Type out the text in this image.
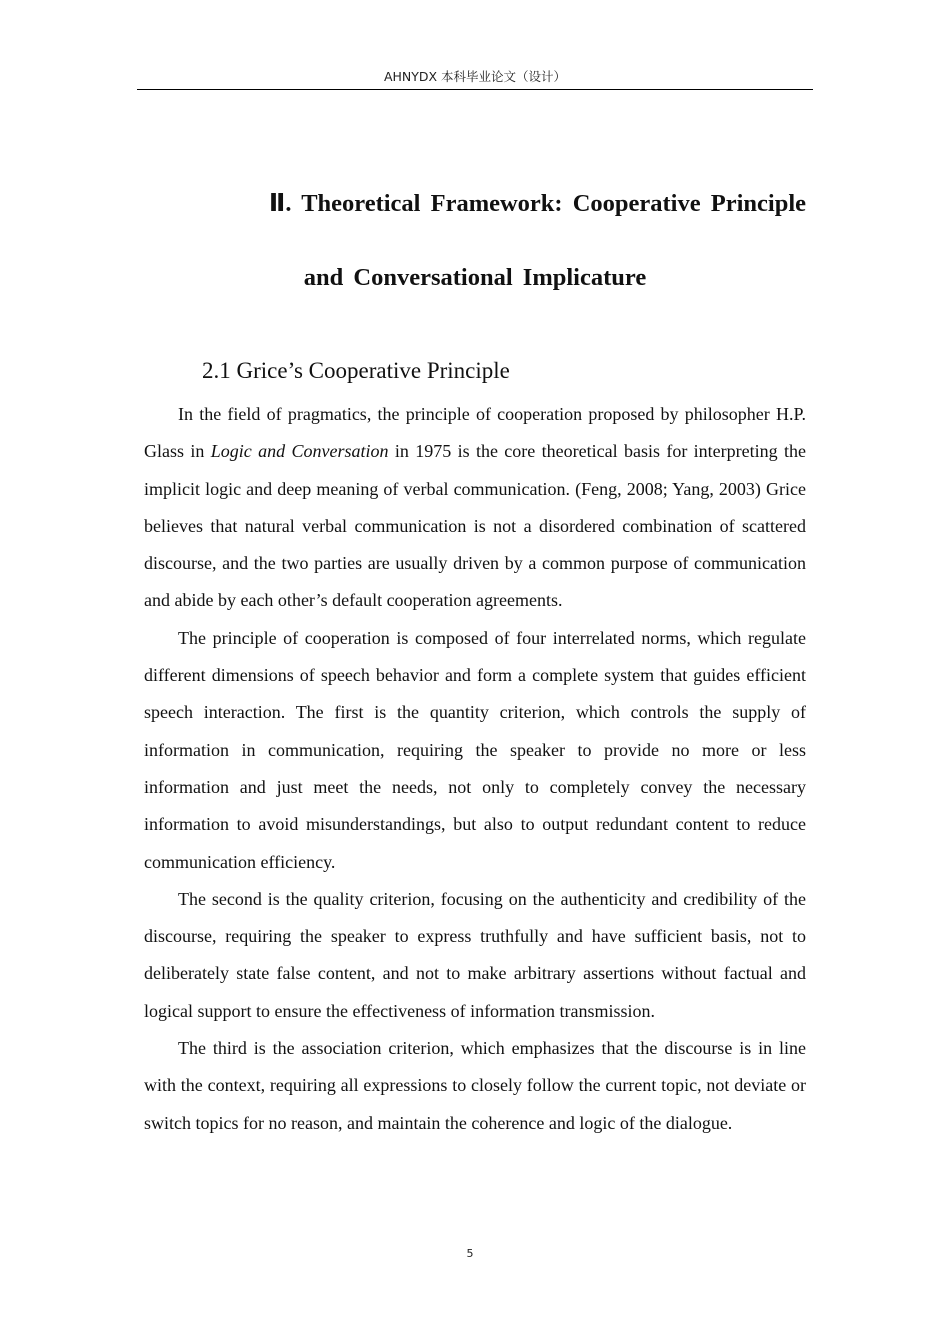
AHNYDX 本科毕业论文（设计）
Ⅱ. Theoretical Framework: Cooperative Principle
and Conversational Implicature
2.1 Grice’s Cooperative Principle

In the field of pragmatics, the principle of cooperation proposed by philosopher H.P. Glass in Logic and Conversation in 1975 is the core theoretical basis for interpreting the implicit logic and deep meaning of verbal communication. (Feng, 2008; Yang, 2003) Grice believes that natural verbal communication is not a disordered combination of scattered discourse, and the two parties are usually driven by a common purpose of communication and abide by each other’s default cooperation agreements.

The principle of cooperation is composed of four interrelated norms, which regulate different dimensions of speech behavior and form a complete system that guides efficient speech interaction. The first is the quantity criterion, which controls the supply of information in communication, requiring the speaker to provide no more or less information and just meet the needs, not only to completely convey the necessary information to avoid misunderstandings, but also to output redundant content to reduce communication efficiency.

The second is the quality criterion, focusing on the authenticity and credibility of the discourse, requiring the speaker to express truthfully and have sufficient basis, not to deliberately state false content, and not to make arbitrary assertions without factual and logical support to ensure the effectiveness of information transmission.

The third is the association criterion, which emphasizes that the discourse is in line with the context, requiring all expressions to closely follow the current topic, not deviate or switch topics for no reason, and maintain the coherence and logic of the dialogue.

5
